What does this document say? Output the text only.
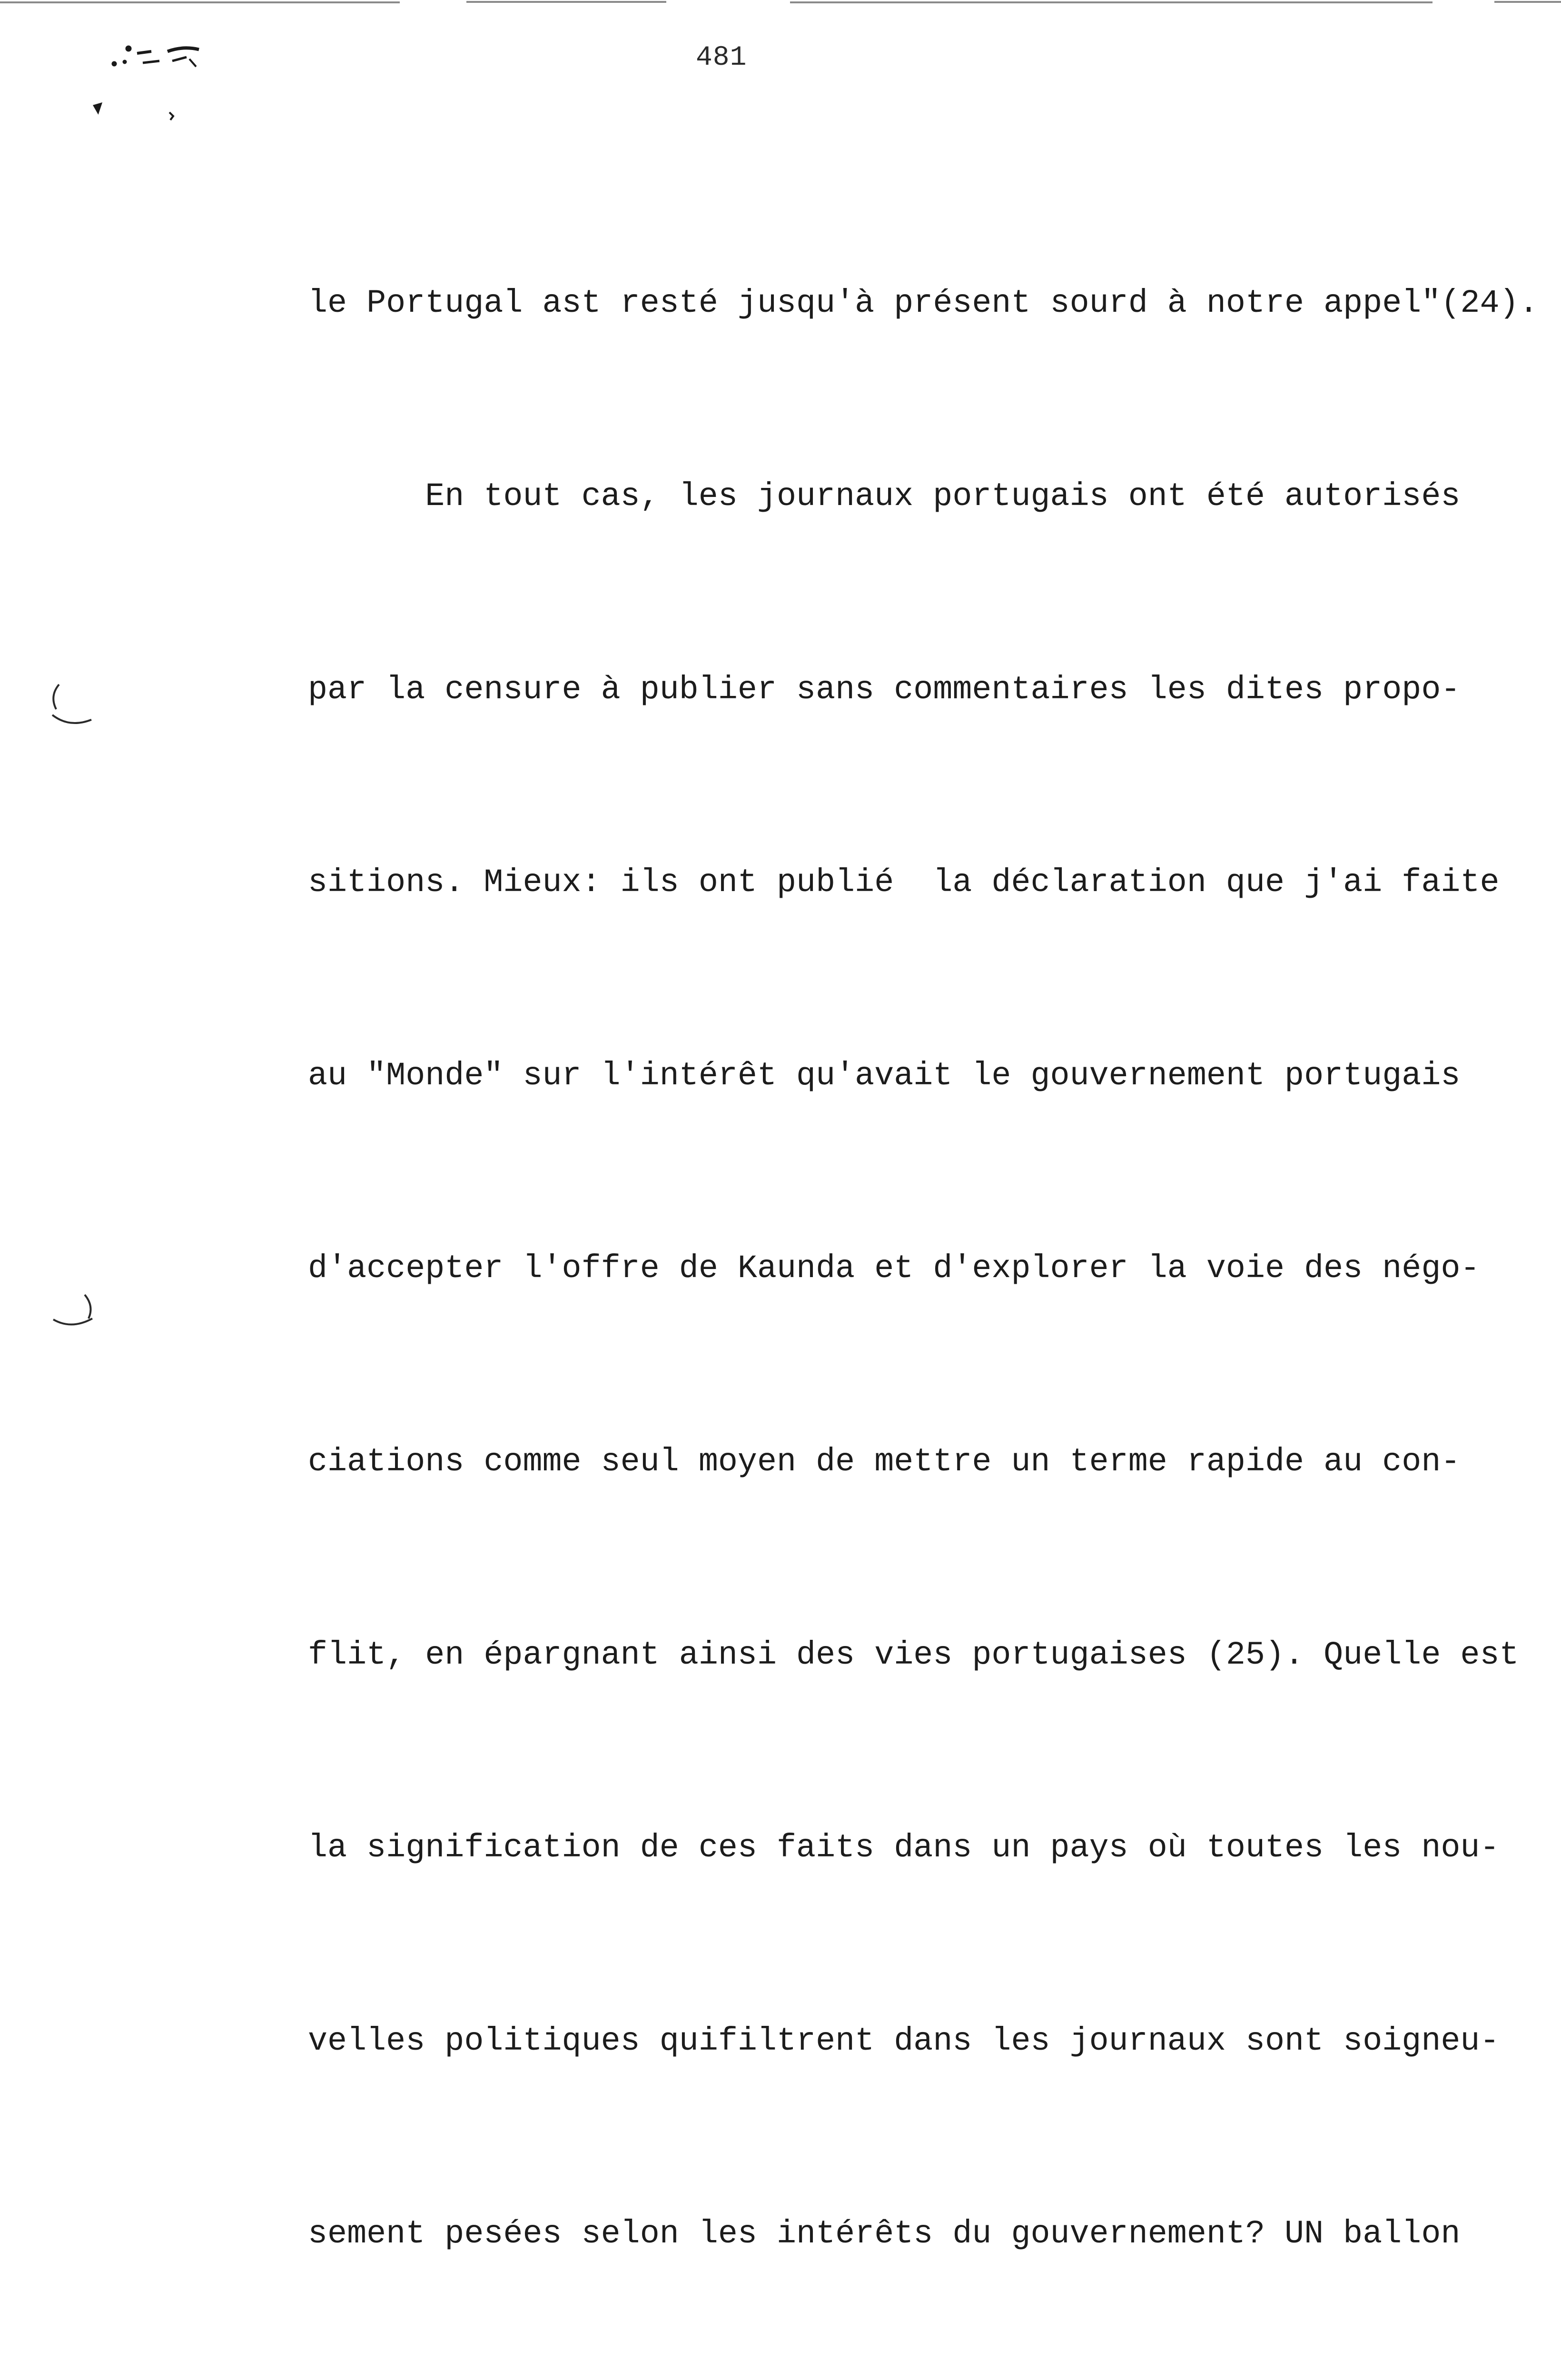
481

le Portugal ast resté jusqu'à présent sourd à notre appel"(24).

En tout cas, les journaux portugais ont été autorisés

par la censure à publier sans commentaires les dites propo-

sitions. Mieux: ils ont publié  la déclaration que j'ai faite

au "Monde" sur l'intérêt qu'avait le gouvernement portugais

d'accepter l'offre de Kaunda et d'explorer la voie des négo-

ciations comme seul moyen de mettre un terme rapide au con-

flit, en épargnant ainsi des vies portugaises (25). Quelle est

la signification de ces faits dans un pays où toutes les nou-

velles politiques quifiltrent dans les journaux sont soigneu-

sement pesées selon les intérêts du gouvernement? UN ballon
